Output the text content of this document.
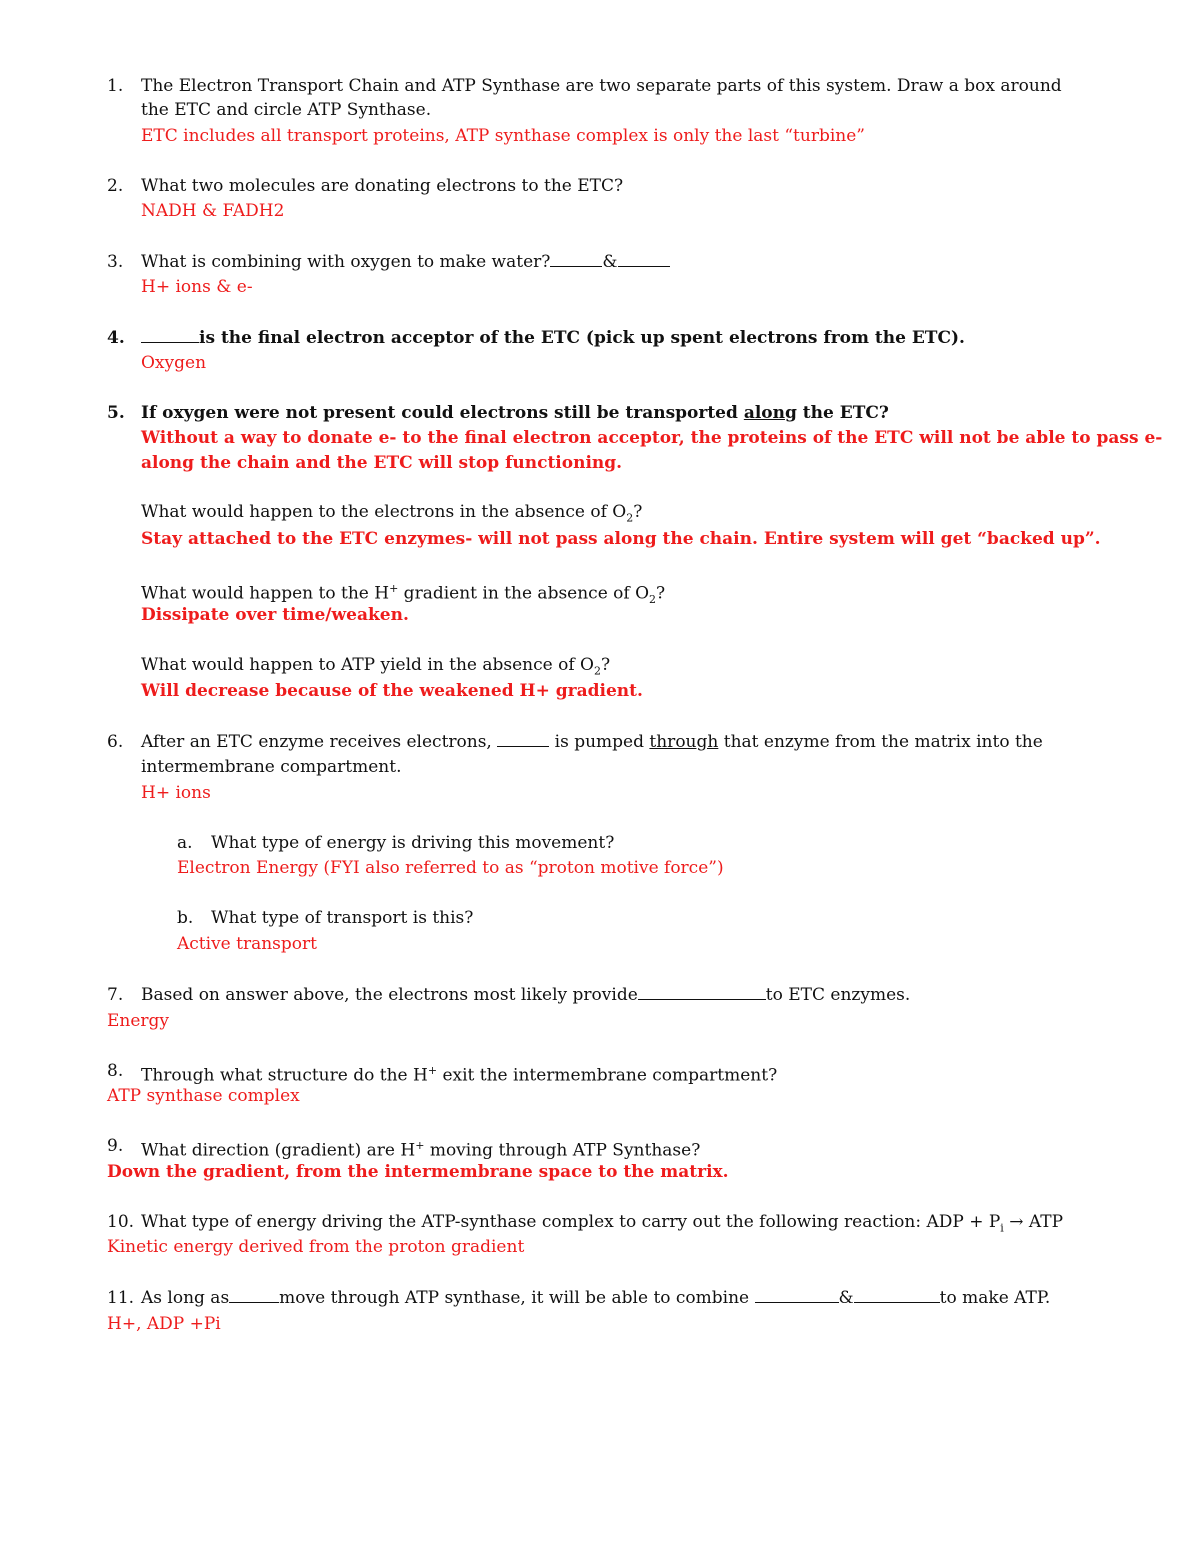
1. The Electron Transport Chain and ATP Synthase are two separate parts of this system. Draw a box around
the ETC and circle ATP Synthase.
ETC includes all transport proteins, ATP synthase complex is only the last “turbine”
2. What two molecules are donating electrons to the ETC?
NADH & FADH2
3. What is combining with oxygen to make water?	&
H+ ions & e-
4.	is the final electron acceptor of the ETC (pick up spent electrons from the ETC).
Oxygen
5. If oxygen were not present could electrons still be transported along the ETC?
Without a way to donate e- to the final electron acceptor, the proteins of the ETC will not be able to pass e-
along the chain and the ETC will stop functioning.
What would happen to the electrons in the absence of $O_2$?
Stay attached to the ETC enzymes- will not pass along the chain. Entire system will get “backed up”.
What would happen to the H+ gradient in the absence of $O_2$?
Dissipate over time/weaken.
What would happen to ATP yield in the absence of $O_2$?
Will decrease because of the weakened H+ gradient.
6. After an ETC enzyme receives electrons,	is pumped through that enzyme from the matrix into the
intermembrane compartment.
H+ ions
a. What type of energy is driving this movement?
Electron Energy (FYI also referred to as “proton motive force”)
b. What type of transport is this?
Active transport
7. Based on answer above, the electrons most likely provide	to ETC enzymes.
Energy
8. Through what structure do the H+ exit the intermembrane compartment?
ATP synthase complex
9. What direction (gradient) are H+ moving through ATP Synthase?
Down the gradient, from the intermembrane space to the matrix.
10. What type of energy driving the ATP-synthase complex to carry out the following reaction: ADP + $P_i$ → ATP
Kinetic energy derived from the proton gradient
11. As long as	move through ATP synthase, it will be able to combine	&	to make ATP.
H+, ADP +Pi
